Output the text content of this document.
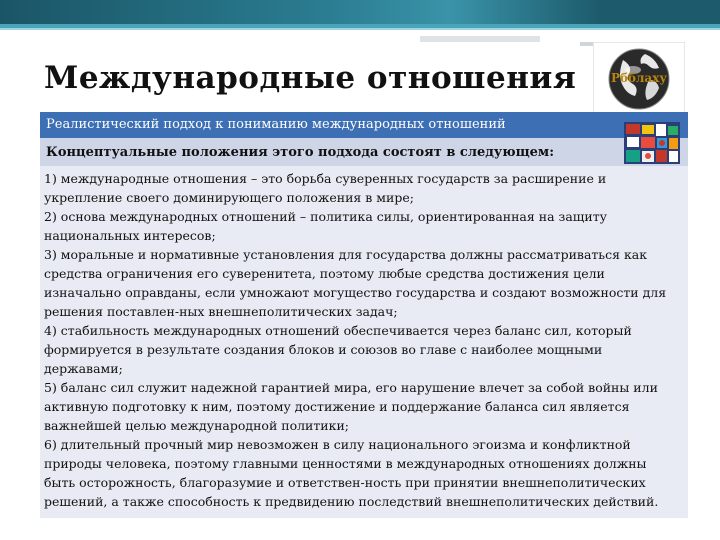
Международные отношения	Рбблаху
Реалистический подход к пониманию международных отношений
Концептуальные положения этого подхода состоят в следующем:
1) международные отношения – это борьба суверенных государств за расширение и
укрепление своего доминирующего положения в мире;
2) основа международных отношений – политика силы, ориентированная на защиту
национальных интересов;
3) моральные и нормативные установления для государства должны рассматриваться как
средства ограничения его суверенитета, поэтому любые средства достижения цели
изначально оправданы, если умножают могущество государства и создают возможности для
решения поставлен-ных внешнеполитических задач;
4) стабильность международных отношений обеспечивается через баланс сил, который
формируется в результате создания блоков и союзов во главе с наиболее мощными
державами;
5) баланс сил служит надежной гарантией мира, его нарушение влечет за собой войны или
активную подготовку к ним, поэтому достижение и поддержание баланса сил является
важнейшей целью международной политики;
6) длительный прочный мир невозможен в силу национального эгоизма и конфликтной
природы человека, поэтому главными ценностями в международных отношениях должны
быть осторожность, благоразумие и ответствен-ность при принятии внешнеполитических
решений, а также способность к предвидению последствий внешнеполитических действий.
